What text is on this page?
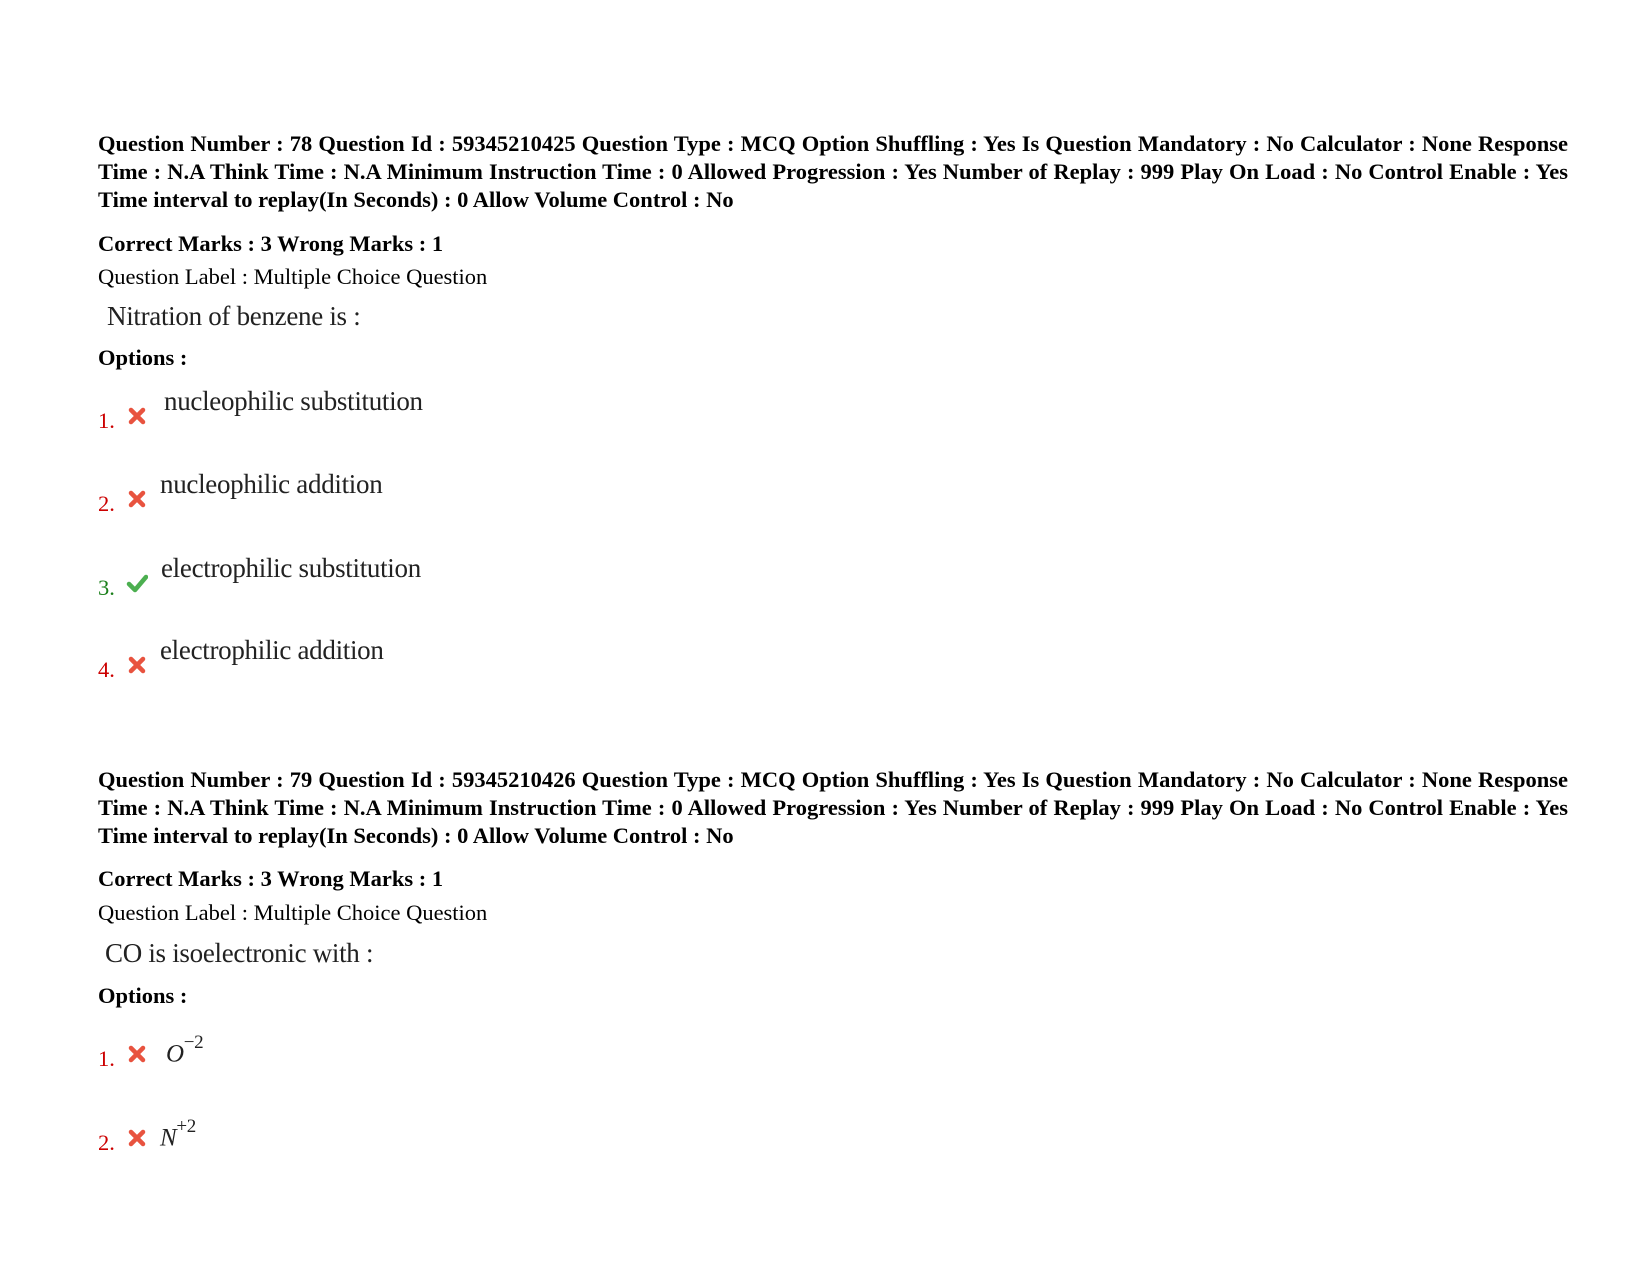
Question Number : 78 Question Id : 59345210425 Question Type : MCQ Option Shuffling : Yes Is Question Mandatory : No Calculator : None Response Time : N.A Think Time : N.A Minimum Instruction Time : 0 Allowed Progression : Yes Number of Replay : 999 Play On Load : No Control Enable : Yes Time interval to replay(In Seconds) : 0 Allow Volume Control : No
Correct Marks : 3 Wrong Marks : 1
Question Label : Multiple Choice Question
Nitration of benzene is :
Options :
1.
nucleophilic substitution
2.
nucleophilic addition
3.
electrophilic substitution
4.
electrophilic addition
Question Number : 79 Question Id : 59345210426 Question Type : MCQ Option Shuffling : Yes Is Question Mandatory : No Calculator : None Response Time : N.A Think Time : N.A Minimum Instruction Time : 0 Allowed Progression : Yes Number of Replay : 999 Play On Load : No Control Enable : Yes Time interval to replay(In Seconds) : 0 Allow Volume Control : No
Correct Marks : 3 Wrong Marks : 1
Question Label : Multiple Choice Question
CO is isoelectronic with :
Options :
1. $O^{-2}$
2. $N^{+2}$
